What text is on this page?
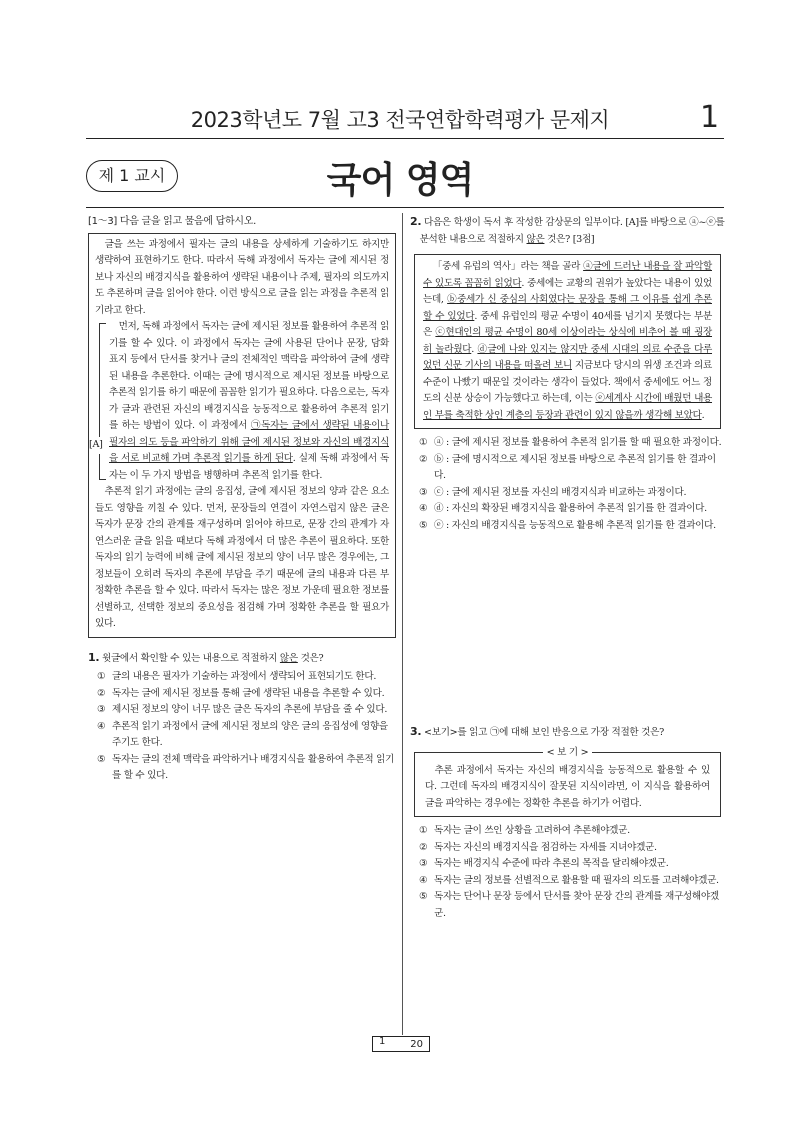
2023학년도 7월 고3 전국연합학력평가 문제지	1
제 1 교시	국어 영역
[1～3] 다음 글을 읽고 물음에 답하시오.

글을 쓰는 과정에서 필자는 글의 내용을 상세하게 기술하기도 하지만 생략하여 표현하기도 한다. 따라서 독해 과정에서 독자는 글에 제시된 정보나 자신의 배경지식을 활용하여 생략된 내용이나 주제, 필자의 의도까지도 추론하며 글을 읽어야 한다. 이런 방식으로 글을 읽는 과정을 추론적 읽기라고 한다.

[A]

먼저, 독해 과정에서 독자는 글에 제시된 정보를 활용하여 추론적 읽기를 할 수 있다. 이 과정에서 독자는 글에 사용된 단어나 문장, 담화 표지 등에서 단서를 찾거나 글의 전체적인 맥락을 파악하여 글에 생략된 내용을 추론한다. 이때는 글에 명시적으로 제시된 정보를 바탕으로 추론적 읽기를 하기 때문에 꼼꼼한 읽기가 필요하다. 다음으로는, 독자가 글과 관련된 자신의 배경지식을 능동적으로 활용하여 추론적 읽기를 하는 방법이 있다. 이 과정에서 ㉠독자는 글에서 생략된 내용이나 필자의 의도 등을 파악하기 위해 글에 제시된 정보와 자신의 배경지식을 서로 비교해 가며 추론적 읽기를 하게 된다. 실제 독해 과정에서 독자는 이 두 가지 방법을 병행하며 추론적 읽기를 한다.

추론적 읽기 과정에는 글의 응집성, 글에 제시된 정보의 양과 같은 요소들도 영향을 끼칠 수 있다. 먼저, 문장들의 연결이 자연스럽지 않은 글은 독자가 문장 간의 관계를 재구성하며 읽어야 하므로, 문장 간의 관계가 자연스러운 글을 읽을 때보다 독해 과정에서 더 많은 추론이 필요하다. 또한 독자의 읽기 능력에 비해 글에 제시된 정보의 양이 너무 많은 경우에는, 그 정보들이 오히려 독자의 추론에 부담을 주기 때문에 글의 내용과 다른 부정확한 추론을 할 수 있다. 따라서 독자는 많은 정보 가운데 필요한 정보를 선별하고, 선택한 정보의 중요성을 점검해 가며 정확한 추론을 할 필요가 있다.

1. 윗글에서 확인할 수 있는 내용으로 적절하지 않은 것은?
① 글의 내용은 필자가 기술하는 과정에서 생략되어 표현되기도 한다.
② 독자는 글에 제시된 정보를 통해 글에 생략된 내용을 추론할 수 있다.
③ 제시된 정보의 양이 너무 많은 글은 독자의 추론에 부담을 줄 수 있다.
④ 추론적 읽기 과정에서 글에 제시된 정보의 양은 글의 응집성에 영향을 주기도 한다.
⑤ 독자는 글의 전체 맥락을 파악하거나 배경지식을 활용하여 추론적 읽기를 할 수 있다.
2. 다음은 학생이 독서 후 작성한 감상문의 일부이다. [A]를 바탕으로 ⓐ~ⓔ를 분석한 내용으로 적절하지 않은 것은? [3점]

「중세 유럽의 역사」라는 책을 골라 ⓐ글에 드러난 내용을 잘 파악할 수 있도록 꼼꼼히 읽었다. 중세에는 교황의 권위가 높았다는 내용이 있었는데, ⓑ중세가 신 중심의 사회였다는 문장을 통해 그 이유를 쉽게 추론할 수 있었다. 중세 유럽인의 평균 수명이 40세를 넘기지 못했다는 부분은 ⓒ현대인의 평균 수명이 80세 이상이라는 상식에 비추어 볼 때 굉장히 놀라웠다. ⓓ글에 나와 있지는 않지만 중세 시대의 의료 수준을 다루었던 신문 기사의 내용을 떠올려 보니 지금보다 당시의 위생 조건과 의료 수준이 나빴기 때문일 것이라는 생각이 들었다. 책에서 중세에도 어느 정도의 신분 상승이 가능했다고 하는데, 이는 ⓔ세계사 시간에 배웠던 내용인 부를 축적한 상인 계층의 등장과 관련이 있지 않을까 생각해 보았다.

① ⓐ : 글에 제시된 정보를 활용하여 추론적 읽기를 할 때 필요한 과정이다.
② ⓑ : 글에 명시적으로 제시된 정보를 바탕으로 추론적 읽기를 한 결과이다.
③ ⓒ : 글에 제시된 정보를 자신의 배경지식과 비교하는 과정이다.
④ ⓓ : 자신의 확장된 배경지식을 활용하여 추론적 읽기를 한 결과이다.
⑤ ⓔ : 자신의 배경지식을 능동적으로 활용해 추론적 읽기를 한 결과이다.
3. <보기>를 읽고 ㉠에 대해 보인 반응으로 가장 적절한 것은?
< 보 기 >

추론 과정에서 독자는 자신의 배경지식을 능동적으로 활용할 수 있다. 그런데 독자의 배경지식이 잘못된 지식이라면, 이 지식을 활용하여 글을 파악하는 경우에는 정확한 추론을 하기가 어렵다.

① 독자는 글이 쓰인 상황을 고려하여 추론해야겠군.
② 독자는 자신의 배경지식을 점검하는 자세를 지녀야겠군.
③ 독자는 배경지식 수준에 따라 추론의 목적을 달리해야겠군.
④ 독자는 글의 정보를 선별적으로 활용할 때 필자의 의도를 고려해야겠군.
⑤ 독자는 단어나 문장 등에서 단서를 찾아 문장 간의 관계를 재구성해야겠군.
1 20
